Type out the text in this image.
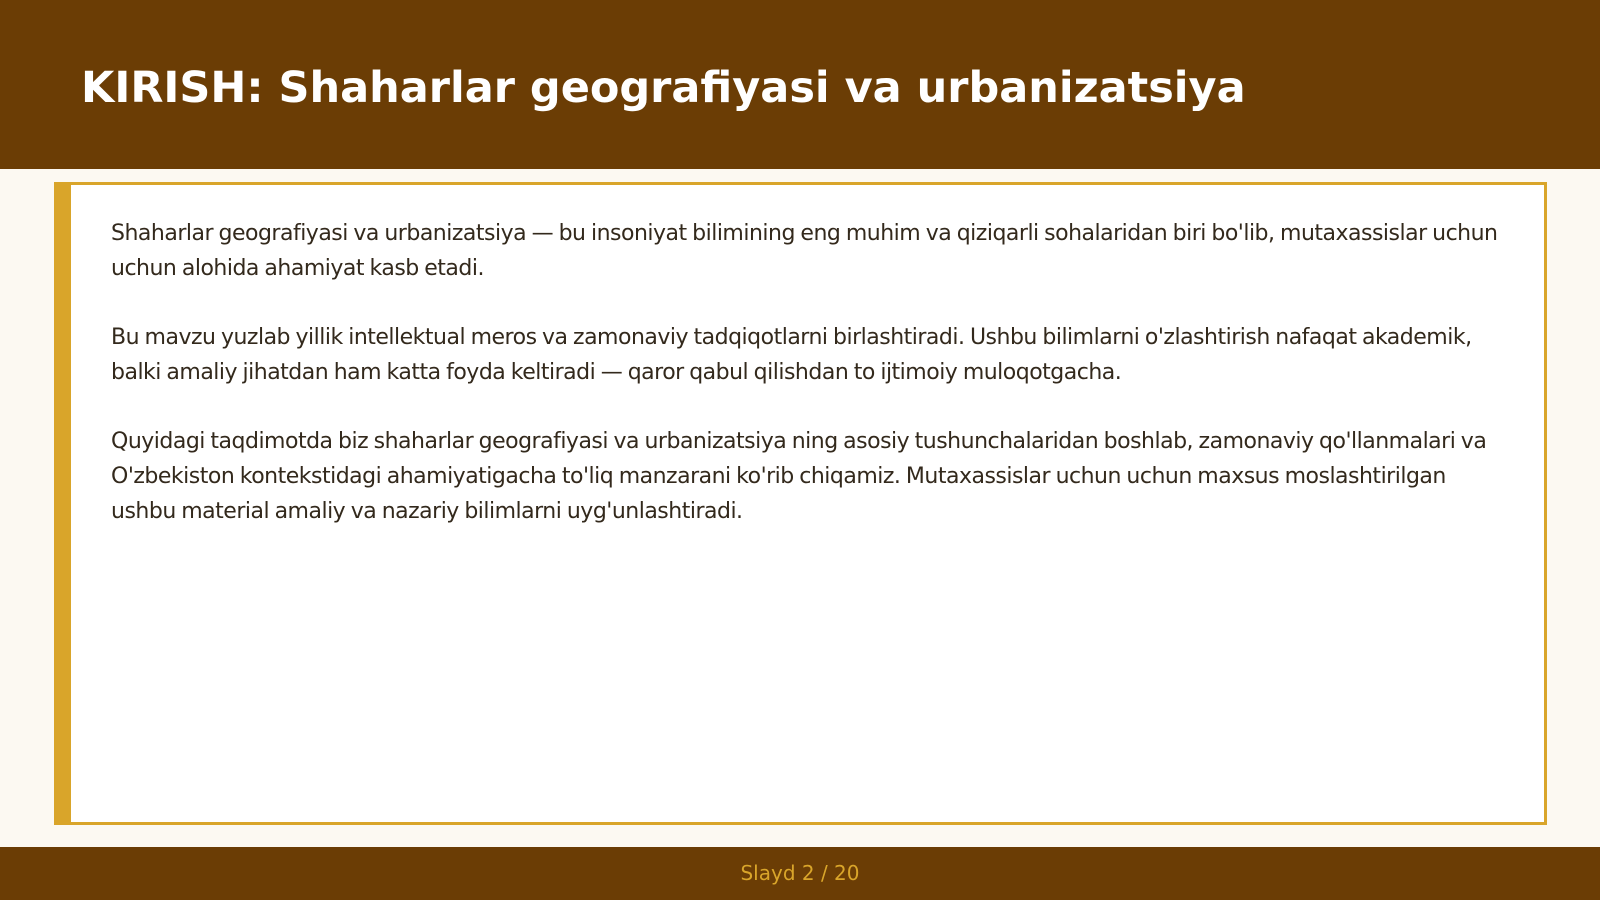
KIRISH: Shaharlar geografiyasi va urbanizatsiya

Shaharlar geografiyasi va urbanizatsiya — bu insoniyat bilimining eng muhim va qiziqarli sohalaridan biri bo'lib, mutaxassislar uchun uchun alohida ahamiyat kasb etadi.

Bu mavzu yuzlab yillik intellektual meros va zamonaviy tadqiqotlarni birlashtiradi. Ushbu bilimlarni o'zlashtirish nafaqat akademik, balki amaliy jihatdan ham katta foyda keltiradi — qaror qabul qilishdan to ijtimoiy muloqotgacha.

Quyidagi taqdimotda biz shaharlar geografiyasi va urbanizatsiya ning asosiy tushunchalaridan boshlab, zamonaviy qo'llanmalari va O'zbekiston kontekstidagi ahamiyatigacha to'liq manzarani ko'rib chiqamiz. Mutaxassislar uchun uchun maxsus moslashtirilgan ushbu material amaliy va nazariy bilimlarni uyg'unlashtiradi.

Slayd 2 / 20
